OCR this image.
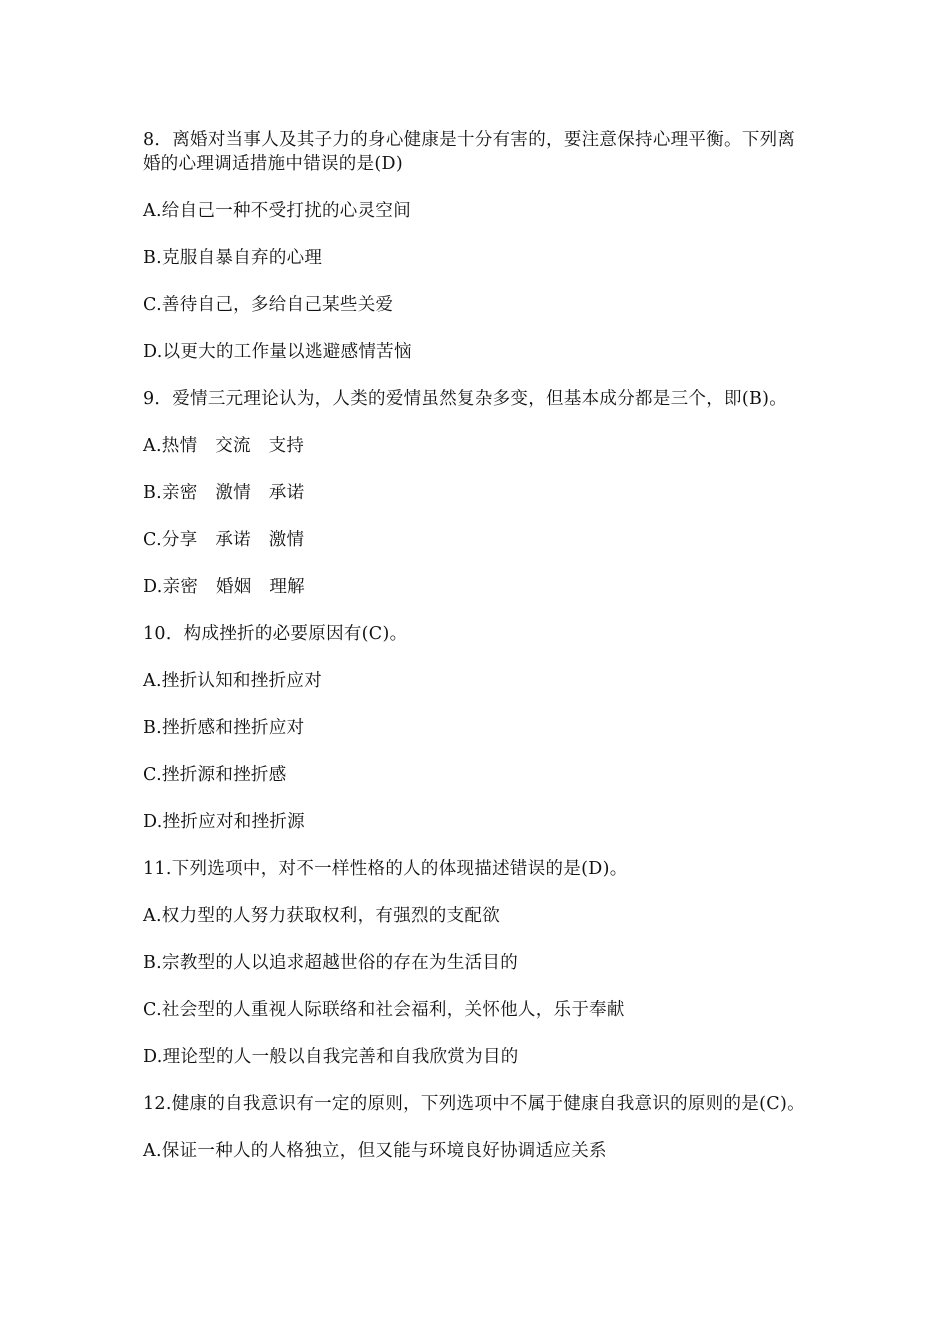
8．离婚对当事人及其子力的身心健康是十分有害的，要注意保持心理平衡。下列离婚的心理调适措施中错误的是(D)

A.给自己一种不受打扰的心灵空间

B.克服自暴自弃的心理

C.善待自己，多给自己某些关爱

D.以更大的工作量以逃避感情苦恼

9．爱情三元理论认为，人类的爱情虽然复杂多变，但基本成分都是三个，即(B)。

A.热情　交流　支持

B.亲密　激情　承诺

C.分享　承诺　激情

D.亲密　婚姻　理解

10．构成挫折的必要原因有(C)。

A.挫折认知和挫折应对

B.挫折感和挫折应对

C.挫折源和挫折感

D.挫折应对和挫折源

11.下列选项中，对不一样性格的人的体现描述错误的是(D)。

A.权力型的人努力获取权利，有强烈的支配欲

B.宗教型的人以追求超越世俗的存在为生活目的

C.社会型的人重视人际联络和社会福利，关怀他人，乐于奉献

D.理论型的人一般以自我完善和自我欣赏为目的

12.健康的自我意识有一定的原则，下列选项中不属于健康自我意识的原则的是(C)。

A.保证一种人的人格独立，但又能与环境良好协调适应关系
